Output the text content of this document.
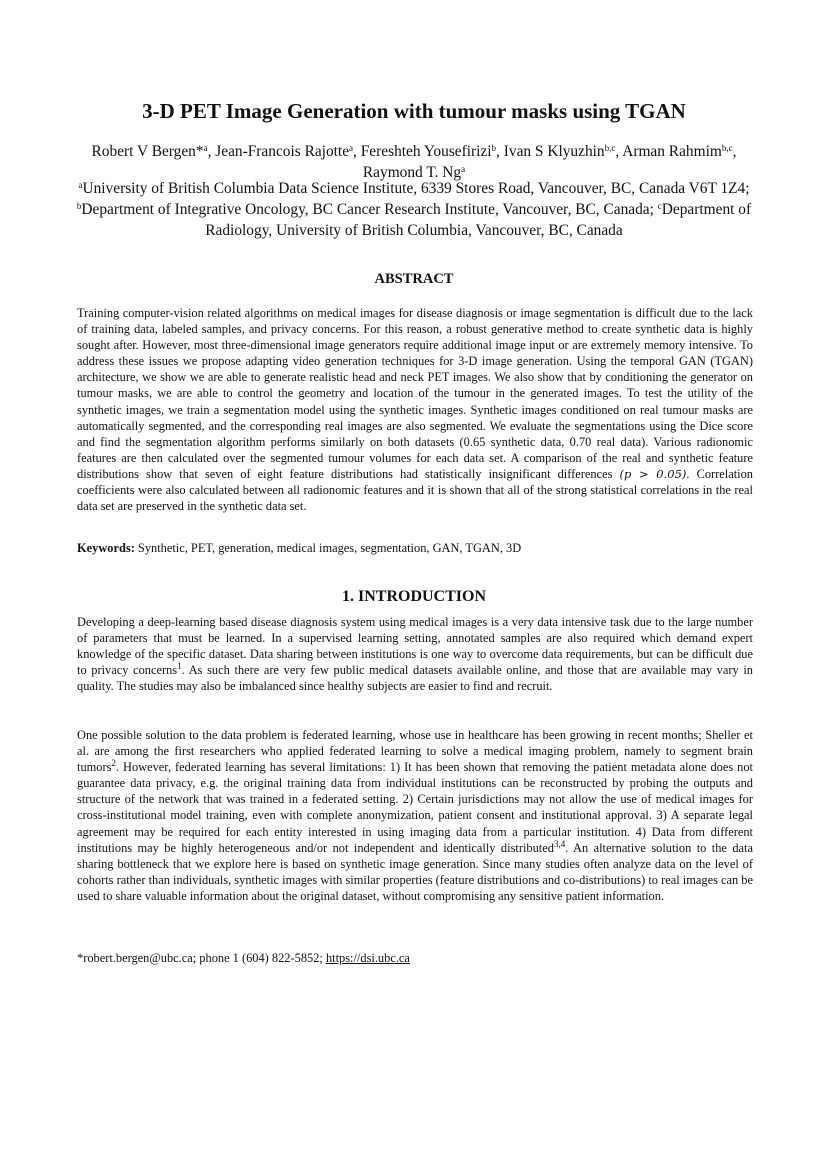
3-D PET Image Generation with tumour masks using TGAN
Robert V Bergen*$^a$, Jean-Francois Rajotte$^a$, Fereshteh Yousefirizi$^b$, Ivan S Klyuzhin$^{b,c}$, Arman Rahmim$^{b,c}$, Raymond T. Ng$^a$
$^a$University of British Columbia Data Science Institute, 6339 Stores Road, Vancouver, BC, Canada V6T 1Z4; $^b$Department of Integrative Oncology, BC Cancer Research Institute, Vancouver, BC, Canada; $^c$Department of Radiology, University of British Columbia, Vancouver, BC, Canada
ABSTRACT
Training computer-vision related algorithms on medical images for disease diagnosis or image segmentation is difficult due to the lack of training data, labeled samples, and privacy concerns. For this reason, a robust generative method to create synthetic data is highly sought after. However, most three-dimensional image generators require additional image input or are extremely memory intensive. To address these issues we propose adapting video generation techniques for 3-D image generation. Using the temporal GAN (TGAN) architecture, we show we are able to generate realistic head and neck PET images. We also show that by conditioning the generator on tumour masks, we are able to control the geometry and location of the tumour in the generated images. To test the utility of the synthetic images, we train a segmentation model using the synthetic images. Synthetic images conditioned on real tumour masks are automatically segmented, and the corresponding real images are also segmented. We evaluate the segmentations using the Dice score and find the segmentation algorithm performs similarly on both datasets (0.65 synthetic data, 0.70 real data). Various radionomic features are then calculated over the segmented tumour volumes for each data set. A comparison of the real and synthetic feature distributions show that seven of eight feature distributions had statistically insignificant differences (p > 0.05). Correlation coefficients were also calculated between all radionomic features and it is shown that all of the strong statistical correlations in the real data set are preserved in the synthetic data set.
Keywords: Synthetic, PET, generation, medical images, segmentation, GAN, TGAN, 3D
1. INTRODUCTION
Developing a deep-learning based disease diagnosis system using medical images is a very data intensive task due to the large number of parameters that must be learned. In a supervised learning setting, annotated samples are also required which demand expert knowledge of the specific dataset. Data sharing between institutions is one way to overcome data requirements, but can be difficult due to privacy concerns$^1$. As such there are very few public medical datasets available online, and those that are available may vary in quality. The studies may also be imbalanced since healthy subjects are easier to find and recruit.
One possible solution to the data problem is federated learning, whose use in healthcare has been growing in recent months; Sheller et al. are among the first researchers who applied federated learning to solve a medical imaging problem, namely to segment brain tumors$^2$. However, federated learning has several limitations: 1) It has been shown that removing the patient metadata alone does not guarantee data privacy, e.g. the original training data from individual institutions can be reconstructed by probing the outputs and structure of the network that was trained in a federated setting. 2) Certain jurisdictions may not allow the use of medical images for cross-institutional model training, even with complete anonymization, patient consent and institutional approval. 3) A separate legal agreement may be required for each entity interested in using imaging data from a particular institution. 4) Data from different institutions may be highly heterogeneous and/or not independent and identically distributed$^{3,4}$. An alternative solution to the data sharing bottleneck that we explore here is based on synthetic image generation. Since many studies often analyze data on the level of cohorts rather than individuals, synthetic images with similar properties (feature distributions and co-distributions) to real images can be used to share valuable information about the original dataset, without compromising any sensitive patient information.
*robert.bergen@ubc.ca; phone 1 (604) 822-5852; https://dsi.ubc.ca
